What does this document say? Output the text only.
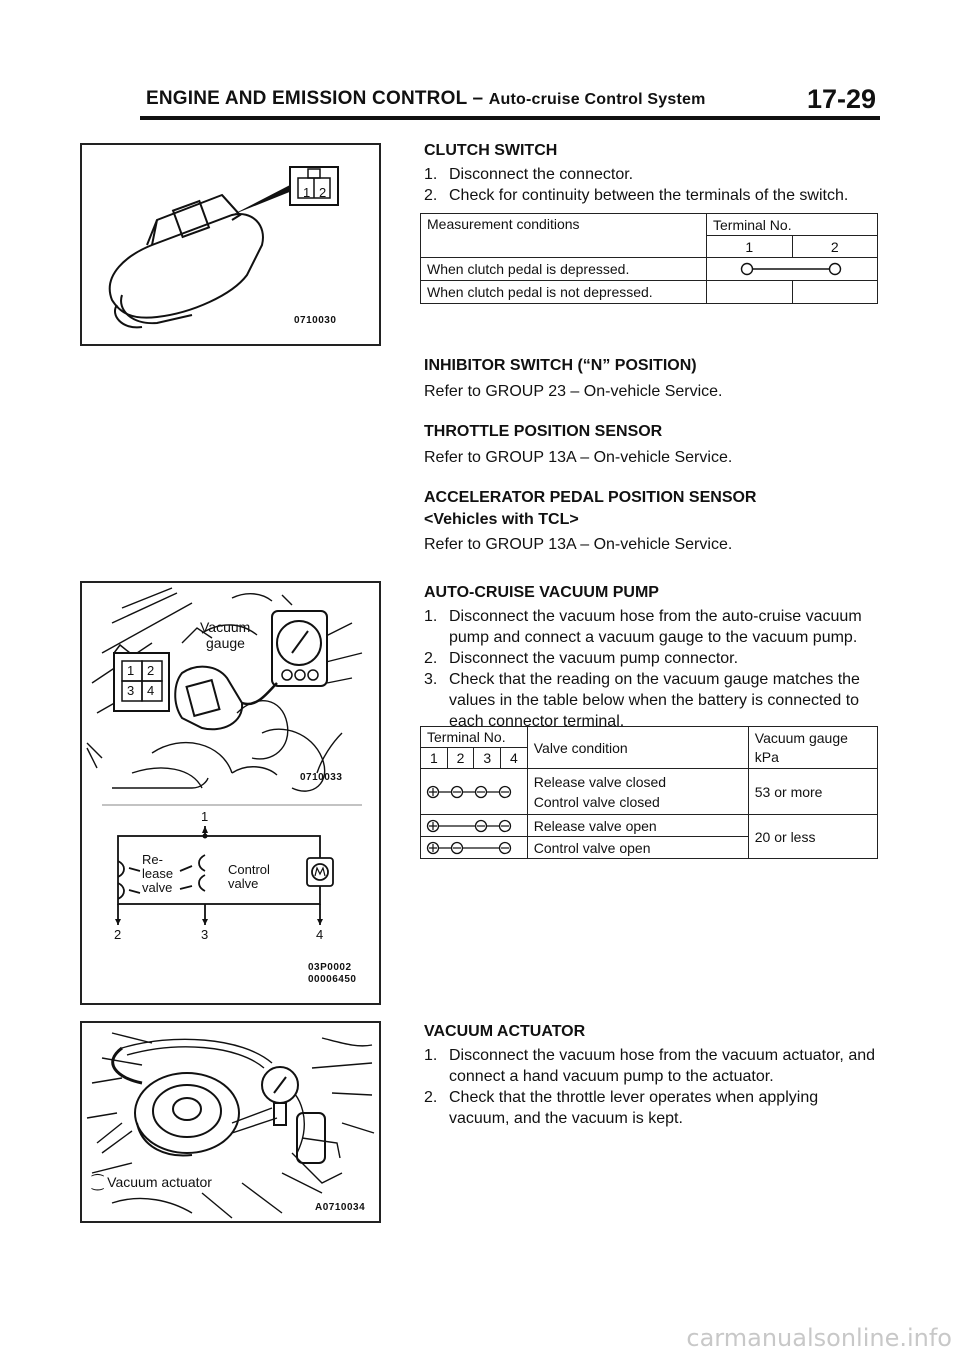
ENGINE AND EMISSION CONTROL – Auto-cruise Control System	17-29
1 2
0710030
CLUTCH SWITCH
1. Disconnect the connector.
2. Check for continuity between the terminals of the switch.
Measurement conditions	Terminal No.	
	1	2
When clutch pedal is depressed.	

When clutch pedal is not depressed.		
INHIBITOR SWITCH (“N” POSITION)
Refer to GROUP 23 – On-vehicle Service.
THROTTLE POSITION SENSOR
Refer to GROUP 13A – On-vehicle Service.
ACCELERATOR PEDAL POSITION SENSOR
<Vehicles with TCL>
Refer to GROUP 13A – On-vehicle Service.
Vacuum
gauge
1 2
3 4
0710033
1
Re-
lease
valve
Control
valve
2	3	4
03P0002
00006450
AUTO-CRUISE VACUUM PUMP
1. Disconnect the vacuum hose from the auto-cruise vacuum pump and connect a vacuum gauge to the vacuum pump.
2. Disconnect the vacuum pump connector.
3. Check that the reading on the vacuum gauge matches the values in the table below when the battery is connected to each connector terminal.
Terminal No.				Valve condition	Vacuum gauge
kPa

1	2	3	4		

Release valve closed
Control valve closed	53 or more

	Release valve open	20 or less

	Control valve open	
⁐ Vacuum actuator
A0710034
VACUUM ACTUATOR
1. Disconnect the vacuum hose from the vacuum actuator, and connect a hand vacuum pump to the actuator.
2. Check that the throttle lever operates when applying vacuum, and the vacuum is kept.
carmanualsonline.info
